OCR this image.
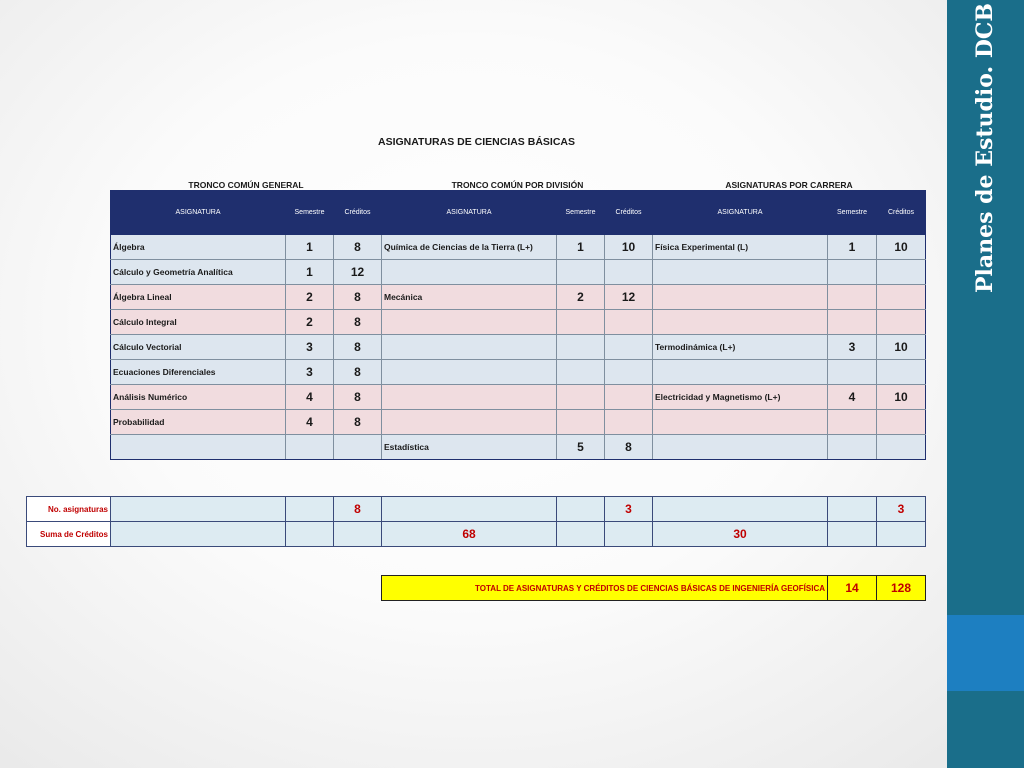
Planes de Estudio. DCB
ASIGNATURAS DE CIENCIAS BÁSICAS
TRONCO COMÚN GENERAL	TRONCO COMÚN POR DIVISIÓN	ASIGNATURAS POR CARRERA
ASIGNATURA	Semestre	Créditos	ASIGNATURA	Semestre	Créditos	ASIGNATURA	Semestre	Créditos
Álgebra	1	8	Química de Ciencias de la Tierra (L+)	1	10	Física Experimental (L)	1	10
Cálculo y Geometría Analítica	1	12						
Álgebra Lineal	2	8	Mecánica	2	12			
Cálculo Integral	2	8						
Cálculo Vectorial	3	8				Termodinámica (L+)	3	10
Ecuaciones Diferenciales	3	8						
Análisis Numérico	4	8				Electricidad y Magnetismo (L+)	4	10
Probabilidad	4	8						
			Estadística	5	8			
No. asignaturas			8			3			3	
Suma de Créditos				68			30			
TOTAL DE ASIGNATURAS Y CRÉDITOS DE CIENCIAS BÁSICAS DE INGENIERÍA GEOFÍSICA	14	128
